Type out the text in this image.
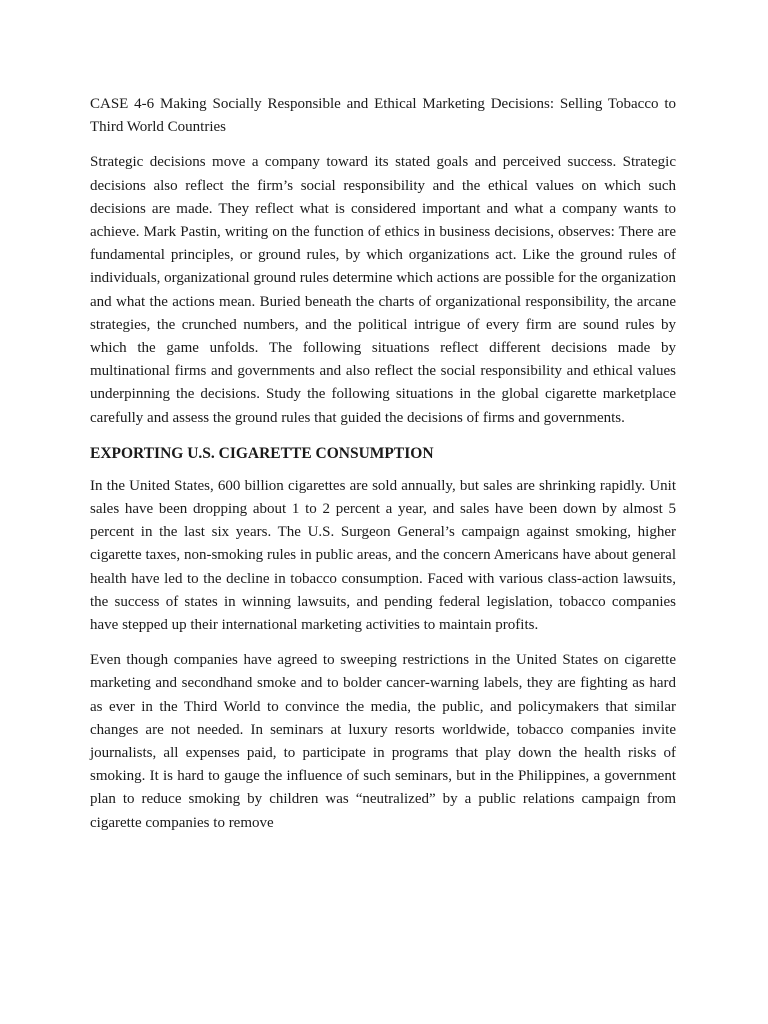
CASE 4-6 Making Socially Responsible and Ethical Marketing Decisions: Selling Tobacco to Third World Countries

Strategic decisions move a company toward its stated goals and perceived success. Strategic decisions also reflect the firm’s social responsibility and the ethical values on which such decisions are made. They reflect what is considered important and what a company wants to achieve. Mark Pastin, writing on the function of ethics in business decisions, observes: There are fundamental principles, or ground rules, by which organizations act. Like the ground rules of individuals, organizational ground rules determine which actions are possible for the organization and what the actions mean. Buried beneath the charts of organizational responsibility, the arcane strategies, the crunched numbers, and the political intrigue of every firm are sound rules by which the game unfolds. The following situations reflect different decisions made by multinational firms and governments and also reflect the social responsibility and ethical values underpinning the decisions. Study the following situations in the global cigarette marketplace carefully and assess the ground rules that guided the decisions of firms and governments.

EXPORTING U.S. CIGARETTE CONSUMPTION

In the United States, 600 billion cigarettes are sold annually, but sales are shrinking rapidly. Unit sales have been dropping about 1 to 2 percent a year, and sales have been down by almost 5 percent in the last six years. The U.S. Surgeon General’s campaign against smoking, higher cigarette taxes, non-smoking rules in public areas, and the concern Americans have about general health have led to the decline in tobacco consumption. Faced with various class-action lawsuits, the success of states in winning lawsuits, and pending federal legislation, tobacco companies have stepped up their international marketing activities to maintain profits.

Even though companies have agreed to sweeping restrictions in the United States on cigarette marketing and secondhand smoke and to bolder cancer-warning labels, they are fighting as hard as ever in the Third World to convince the media, the public, and policymakers that similar changes are not needed. In seminars at luxury resorts worldwide, tobacco companies invite journalists, all expenses paid, to participate in programs that play down the health risks of smoking. It is hard to gauge the influence of such seminars, but in the Philippines, a government plan to reduce smoking by children was “neutralized” by a public relations campaign from cigarette companies to remove
